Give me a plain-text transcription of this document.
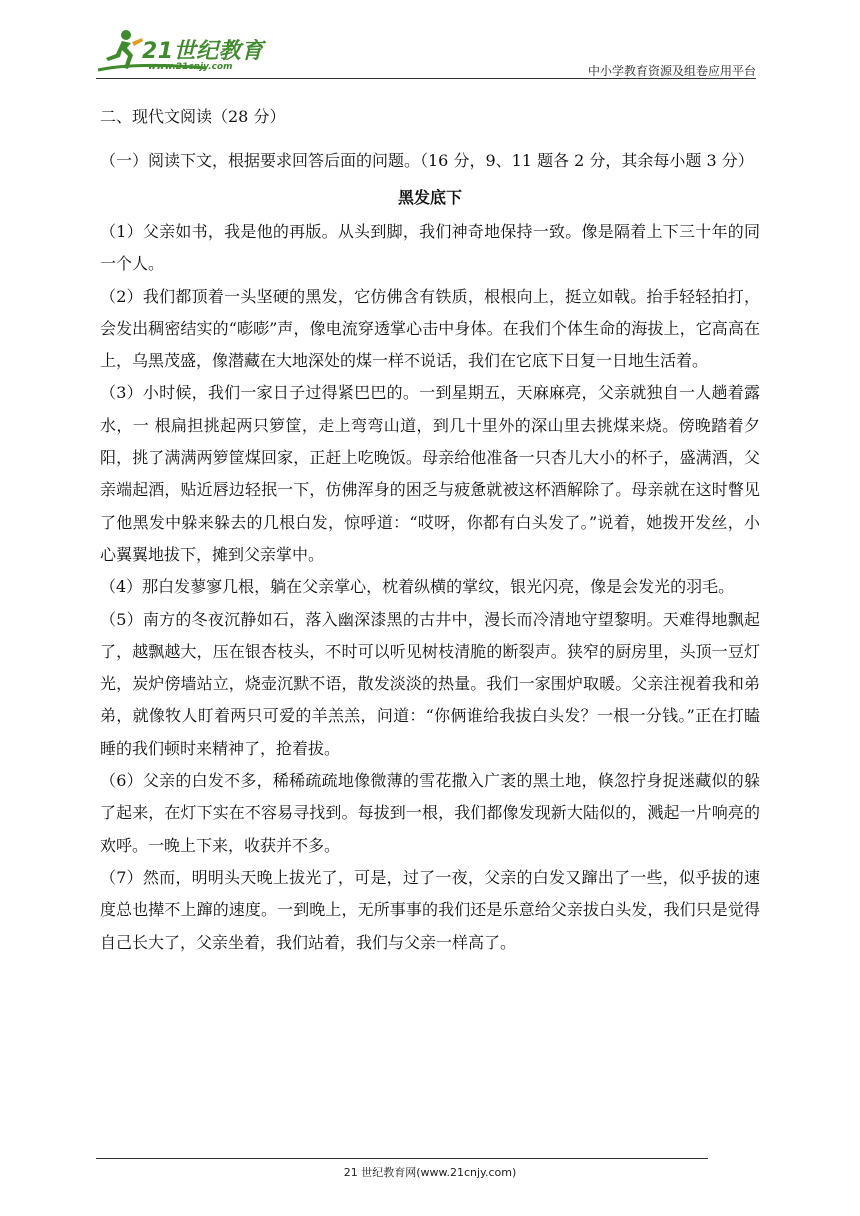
21世纪教育
www.21cnjy.com	中小学教育资源及组卷应用平台

二、现代文阅读（28 分）

（一）阅读下文，根据要求回答后面的问题。（16 分，9、11 题各 2 分，其余每小题 3 分）

黑发底下

（1）父亲如书，我是他的再版。从头到脚，我们神奇地保持一致。像是隔着上下三十年的同一个人。

（2）我们都顶着一头坚硬的黑发，它仿佛含有铁质，根根向上，挺立如戟。抬手轻轻拍打，会发出稠密结实的“嘭嘭”声，像电流穿透掌心击中身体。在我们个体生命的海拔上，它高高在上，乌黑茂盛，像潜藏在大地深处的煤一样不说话，我们在它底下日复一日地生活着。

（3）小时候，我们一家日子过得紧巴巴的。一到星期五，天麻麻亮，父亲就独自一人趟着露水，一 根扁担挑起两只箩筐，走上弯弯山道，到几十里外的深山里去挑煤来烧。傍晚踏着夕阳，挑了满满两箩筐煤回家，正赶上吃晚饭。母亲给他准备一只杏儿大小的杯子，盛满酒，父亲端起酒，贴近唇边轻抿一下，仿佛浑身的困乏与疲惫就被这杯酒解除了。母亲就在这时瞥见了他黑发中躲来躲去的几根白发，惊呼道：“哎呀，你都有白头发了。”说着，她拨开发丝，小心翼翼地拔下，摊到父亲掌中。

（4）那白发蓼寥几根，躺在父亲掌心，枕着纵横的掌纹，银光闪亮，像是会发光的羽毛。

（5）南方的冬夜沉静如石，落入幽深漆黑的古井中，漫长而冷清地守望黎明。天难得地飘起了，越飘越大，压在银杏枝头，不时可以听见树枝清脆的断裂声。狭窄的厨房里，头顶一豆灯光，炭炉傍墙站立，烧壶沉默不语，散发淡淡的热量。我们一家围炉取暖。父亲注视着我和弟弟，就像牧人盯着两只可爱的羊羔羔，问道：“你俩谁给我拔白头发？一根一分钱。”正在打瞌睡的我们顿时来精神了，抢着拔。

（6）父亲的白发不多，稀稀疏疏地像微薄的雪花撒入广袤的黑土地，倏忽拧身捉迷藏似的躲了起来，在灯下实在不容易寻找到。每拔到一根，我们都像发现新大陆似的，溅起一片响亮的欢呼。一晚上下来，收获并不多。

（7）然而，明明头天晚上拔光了，可是，过了一夜，父亲的白发又蹿出了一些，似乎拔的速度总也撵不上蹿的速度。一到晚上，无所事事的我们还是乐意给父亲拔白头发，我们只是觉得自己长大了，父亲坐着，我们站着，我们与父亲一样高了。

21 世纪教育网(www.21cnjy.com)
